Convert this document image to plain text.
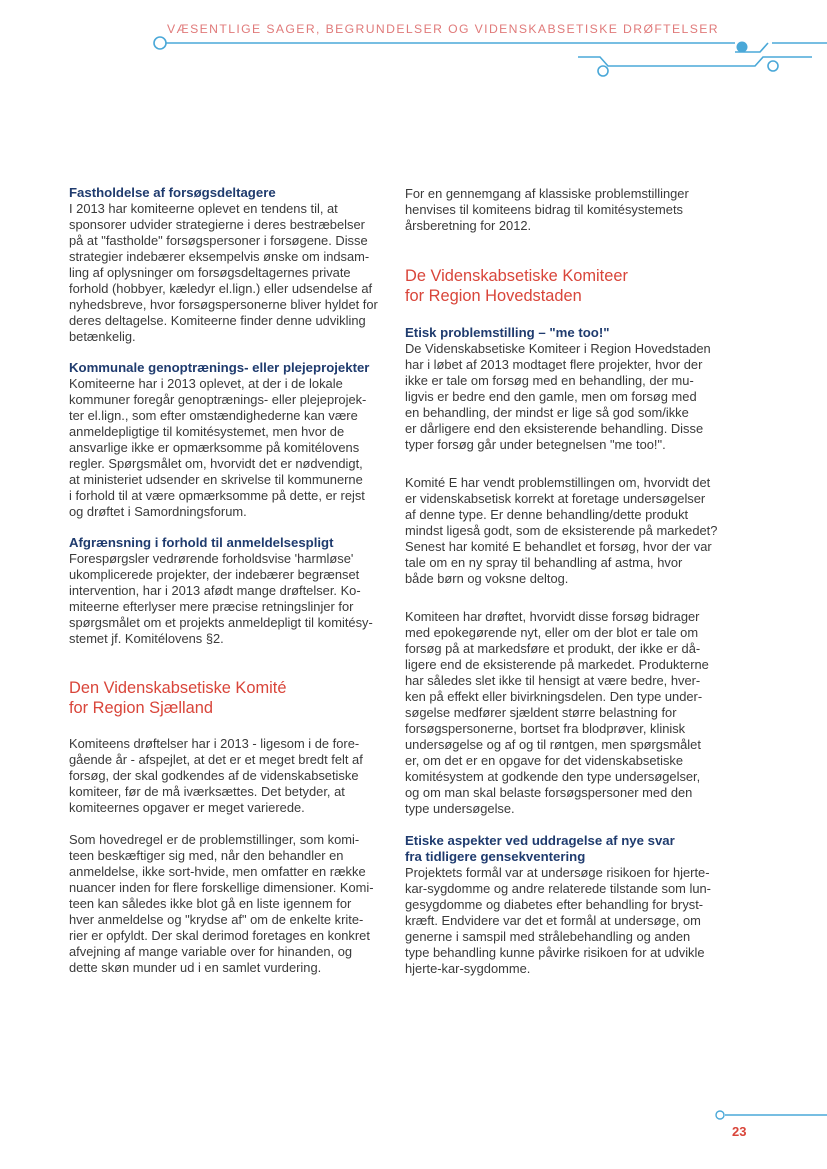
VÆSENTLIGE SAGER, BEGRUNDELSER OG VIDENSKABSETISKE DRØFTELSER
Fastholdelse af forsøgsdeltagere

I 2013 har komiteerne oplevet en tendens til, at
sponsorer udvider strategierne i deres bestræbelser
på at "fastholde" forsøgspersoner i forsøgene. Disse
strategier indebærer eksempelvis ønske om indsam-
ling af oplysninger om forsøgsdeltagernes private
forhold (hobbyer, kæledyr el.lign.) eller udsendelse af
nyhedsbreve, hvor forsøgspersonerne bliver hyldet for
deres deltagelse. Komiteerne finder denne udvikling
betænkelig.

Kommunale genoptrænings- eller plejeprojekter

Komiteerne har i 2013 oplevet, at der i de lokale
kommuner foregår genoptrænings- eller plejeprojek-
ter el.lign., som efter omstændighederne kan være
anmeldepligtige til komitésystemet, men hvor de
ansvarlige ikke er opmærksomme på komitélovens
regler. Spørgsmålet om, hvorvidt det er nødvendigt,
at ministeriet udsender en skrivelse til kommunerne
i forhold til at være opmærksomme på dette, er rejst
og drøftet i Samordningsforum.

Afgrænsning i forhold til anmeldelsespligt

Forespørgsler vedrørende forholdsvise 'harmløse'
ukomplicerede projekter, der indebærer begrænset
intervention, har i 2013 afødt mange drøftelser. Ko-
miteerne efterlyser mere præcise retningslinjer for
spørgsmålet om et projekts anmeldepligt til komitésy-
stemet jf. Komitélovens §2.

Den Videnskabsetiske Komité
for Region Sjælland

Komiteens drøftelser har i 2013 - ligesom i de fore-
gående år - afspejlet, at det er et meget bredt felt af
forsøg, der skal godkendes af de videnskabsetiske
komiteer, før de må iværksættes. Det betyder, at
komiteernes opgaver er meget varierede.

Som hovedregel er de problemstillinger, som komi-
teen beskæftiger sig med, når den behandler en
anmeldelse, ikke sort-hvide, men omfatter en række
nuancer inden for flere forskellige dimensioner. Komi-
teen kan således ikke blot gå en liste igennem for
hver anmeldelse og "krydse af" om de enkelte krite-
rier er opfyldt. Der skal derimod foretages en konkret
afvejning af mange variable over for hinanden, og
dette skøn munder ud i en samlet vurdering.

For en gennemgang af klassiske problemstillinger
henvises til komiteens bidrag til komitésystemets
årsberetning for 2012.

De Videnskabsetiske Komiteer
for Region Hovedstaden
Etisk problemstilling – "me too!"

De Videnskabsetiske Komiteer i Region Hovedstaden
har i løbet af 2013 modtaget flere projekter, hvor der
ikke er tale om forsøg med en behandling, der mu-
ligvis er bedre end den gamle, men om forsøg med
en behandling, der mindst er lige så god som/ikke
er dårligere end den eksisterende behandling. Disse
typer forsøg går under betegnelsen "me too!".

Komité E har vendt problemstillingen om, hvorvidt det
er videnskabsetisk korrekt at foretage undersøgelser
af denne type. Er denne behandling/dette produkt
mindst ligeså godt, som de eksisterende på markedet?
Senest har komité E behandlet et forsøg, hvor der var
tale om en ny spray til behandling af astma, hvor
både børn og voksne deltog.

Komiteen har drøftet, hvorvidt disse forsøg bidrager
med epokegørende nyt, eller om der blot er tale om
forsøg på at markedsføre et produkt, der ikke er då-
ligere end de eksisterende på markedet. Produkterne
har således slet ikke til hensigt at være bedre, hver-
ken på effekt eller bivirkningsdelen. Den type under-
søgelse medfører sjældent større belastning for
forsøgspersonerne, bortset fra blodprøver, klinisk
undersøgelse og af og til røntgen, men spørgsmålet
er, om det er en opgave for det videnskabsetiske
komitésystem at godkende den type undersøgelser,
og om man skal belaste forsøgspersoner med den
type undersøgelse.

Etiske aspekter ved uddragelse af nye svar
fra tidligere gensekventering

Projektets formål var at undersøge risikoen for hjerte-
kar-sygdomme og andre relaterede tilstande som lun-
gesygdomme og diabetes efter behandling for bryst-
kræft. Endvidere var det et formål at undersøge, om
generne i samspil med strålebehandling og anden
type behandling kunne påvirke risikoen for at udvikle
hjerte-kar-sygdomme.

23
